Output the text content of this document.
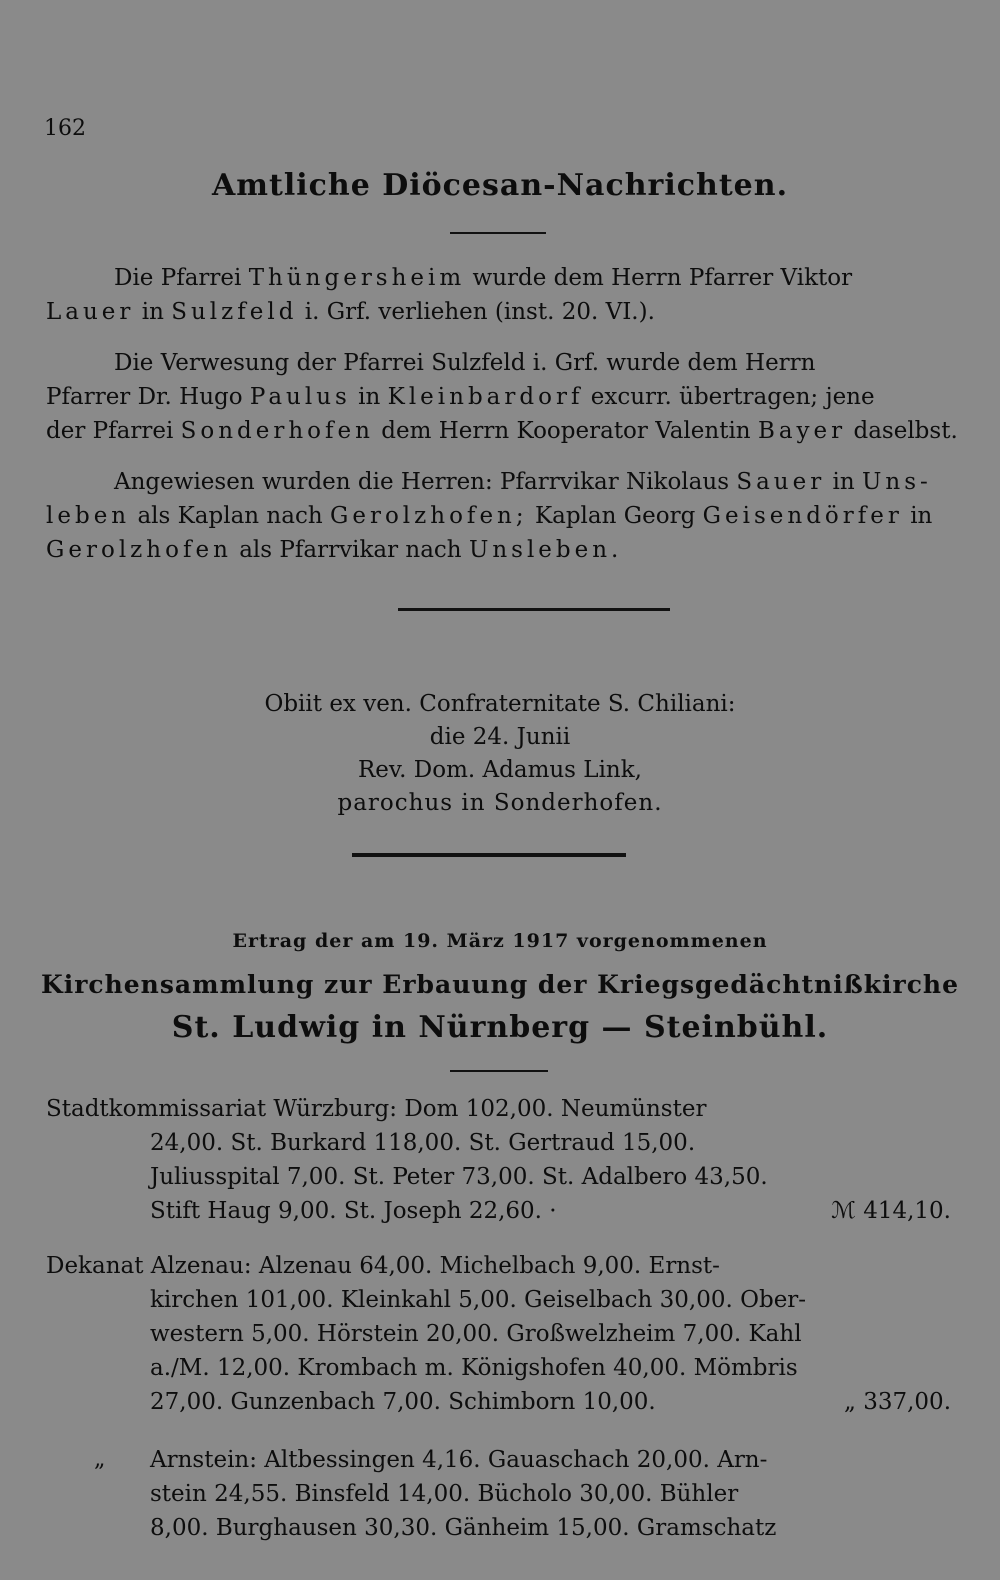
162
Amtliche Diöcesan-Nachrichten.
Die Pfarrei Thüngersheim wurde dem Herrn Pfarrer Viktor
Lauer in Sulzfeld i. Grf. verliehen (inst. 20. VI.).
Die Verwesung der Pfarrei Sulzfeld i. Grf. wurde dem Herrn
Pfarrer Dr. Hugo Paulus in Kleinbardorf excurr. übertragen; jene
der Pfarrei Sonderhofen dem Herrn Kooperator Valentin Bayer daselbst.
Angewiesen wurden die Herren: Pfarrvikar Nikolaus Sauer in Uns-
leben als Kaplan nach Gerolzhofen; Kaplan Georg Geisendörfer in
Gerolzhofen als Pfarrvikar nach Unsleben.
Obiit ex ven. Confraternitate S. Chiliani:
die 24. Junii
Rev. Dom. Adamus Link,
parochus in Sonderhofen.
Ertrag der am 19. März 1917 vorgenommenen
Kirchensammlung zur Erbauung der Kriegsgedächtnißkirche
St. Ludwig in Nürnberg — Steinbühl.
Stadtkommissariat Würzburg: Dom 102,00. Neumünster
24,00. St. Burkard 118,00. St. Gertraud 15,00.
Juliusspital 7,00. St. Peter 73,00. St. Adalbero 43,50.
Stift Haug 9,00. St. Joseph 22,60. ·	ℳ 414,10.
Dekanat Alzenau: Alzenau 64,00. Michelbach 9,00. Ernst-
kirchen 101,00. Kleinkahl 5,00. Geiselbach 30,00. Ober-
western 5,00. Hörstein 20,00. Großwelzheim 7,00. Kahl
a./M. 12,00. Krombach m. Königshofen 40,00. Mömbris
27,00. Gunzenbach 7,00. Schimborn 10,00.	„ 337,00.
„	Arnstein: Altbessingen 4,16. Gauaschach 20,00. Arn-
stein 24,55. Binsfeld 14,00. Bücholo 30,00. Bühler
8,00. Burghausen 30,30. Gänheim 15,00. Gramschatz
